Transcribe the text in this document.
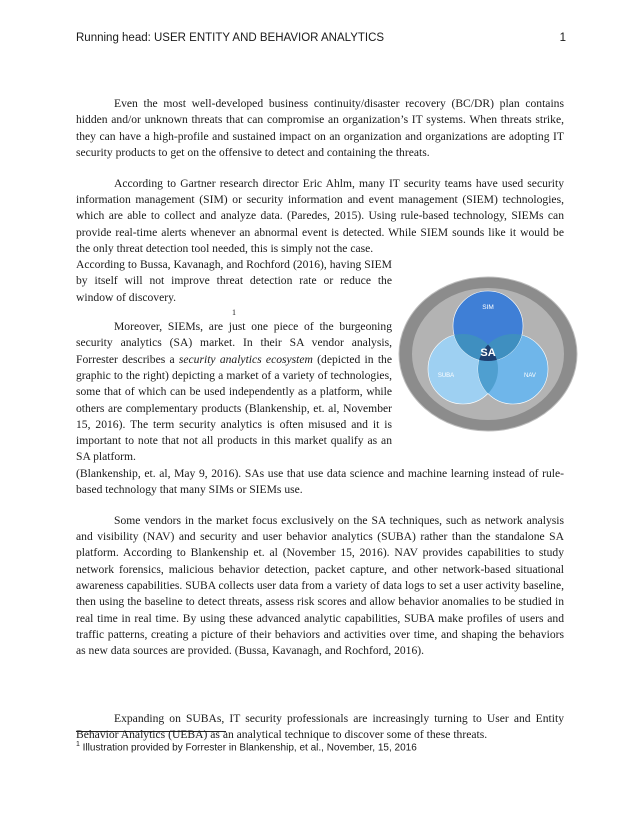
Running head: USER ENTITY AND BEHAVIOR ANALYTICS	1

Even the most well-developed business continuity/disaster recovery (BC/DR) plan contains hidden and/or unknown threats that can compromise an organization’s IT systems. When threats strike, they can have a high-profile and sustained impact on an organization and organizations are adopting IT security products to get on the offensive to detect and containing the threats.

According to Gartner research director Eric Ahlm, many IT security teams have used security information management (SIM) or security information and event management (SIEM) technologies, which are able to collect and analyze data. (Paredes, 2015). Using rule-based technology, SIEMs can provide real-time alerts whenever an abnormal event is detected. While SIEM sounds like it would be the only threat detection tool needed, this is simply not the case.

According to Bussa, Kavanagh, and Rochford (2016), having SIEM by itself will not improve threat detection rate or reduce the window of discovery.

1

Moreover, SIEMs, are just one piece of the burgeoning security analytics (SA) market. In their SA vendor analysis, Forrester describes a security analytics ecosystem (depicted in the graphic to the right) depicting a market of a variety of technologies, some that of which can be used independently as a platform, while others are complementary products (Blankenship, et. al, November 15, 2016). The term security analytics is often misused and it is important to note that not all products in this market qualify as an SA platform.

(Blankenship, et. al, May 9, 2016). SAs use that use data science and machine learning instead of rule-based technology that many SIMs or SIEMs use.

Some vendors in the market focus exclusively on the SA techniques, such as network analysis and visibility (NAV) and security and user behavior analytics (SUBA) rather than the standalone SA platform. According to Blankenship et. al (November 15, 2016). NAV provides capabilities to study network forensics, malicious behavior detection, packet capture, and other network-based situational awareness capabilities. SUBA collects user data from a variety of data logs to set a user activity baseline, then using the baseline to detect threats, assess risk scores and allow behavior anomalies to be studied in real time in real time. By using these advanced analytic capabilities, SUBA make profiles of users and traffic patterns, creating a picture of their behaviors and activities over time, and shaping the behaviors as new data sources are provided. (Bussa, Kavanagh, and Rochford, 2016).

Expanding on SUBAs, IT security professionals are increasingly turning to User and Entity Behavior Analytics (UEBA) as an analytical technique to discover some of these threats.

SIM
SA
SUBA	NAV
$^1$ Illustration provided by Forrester in Blankenship, et al., November, 15, 2016
